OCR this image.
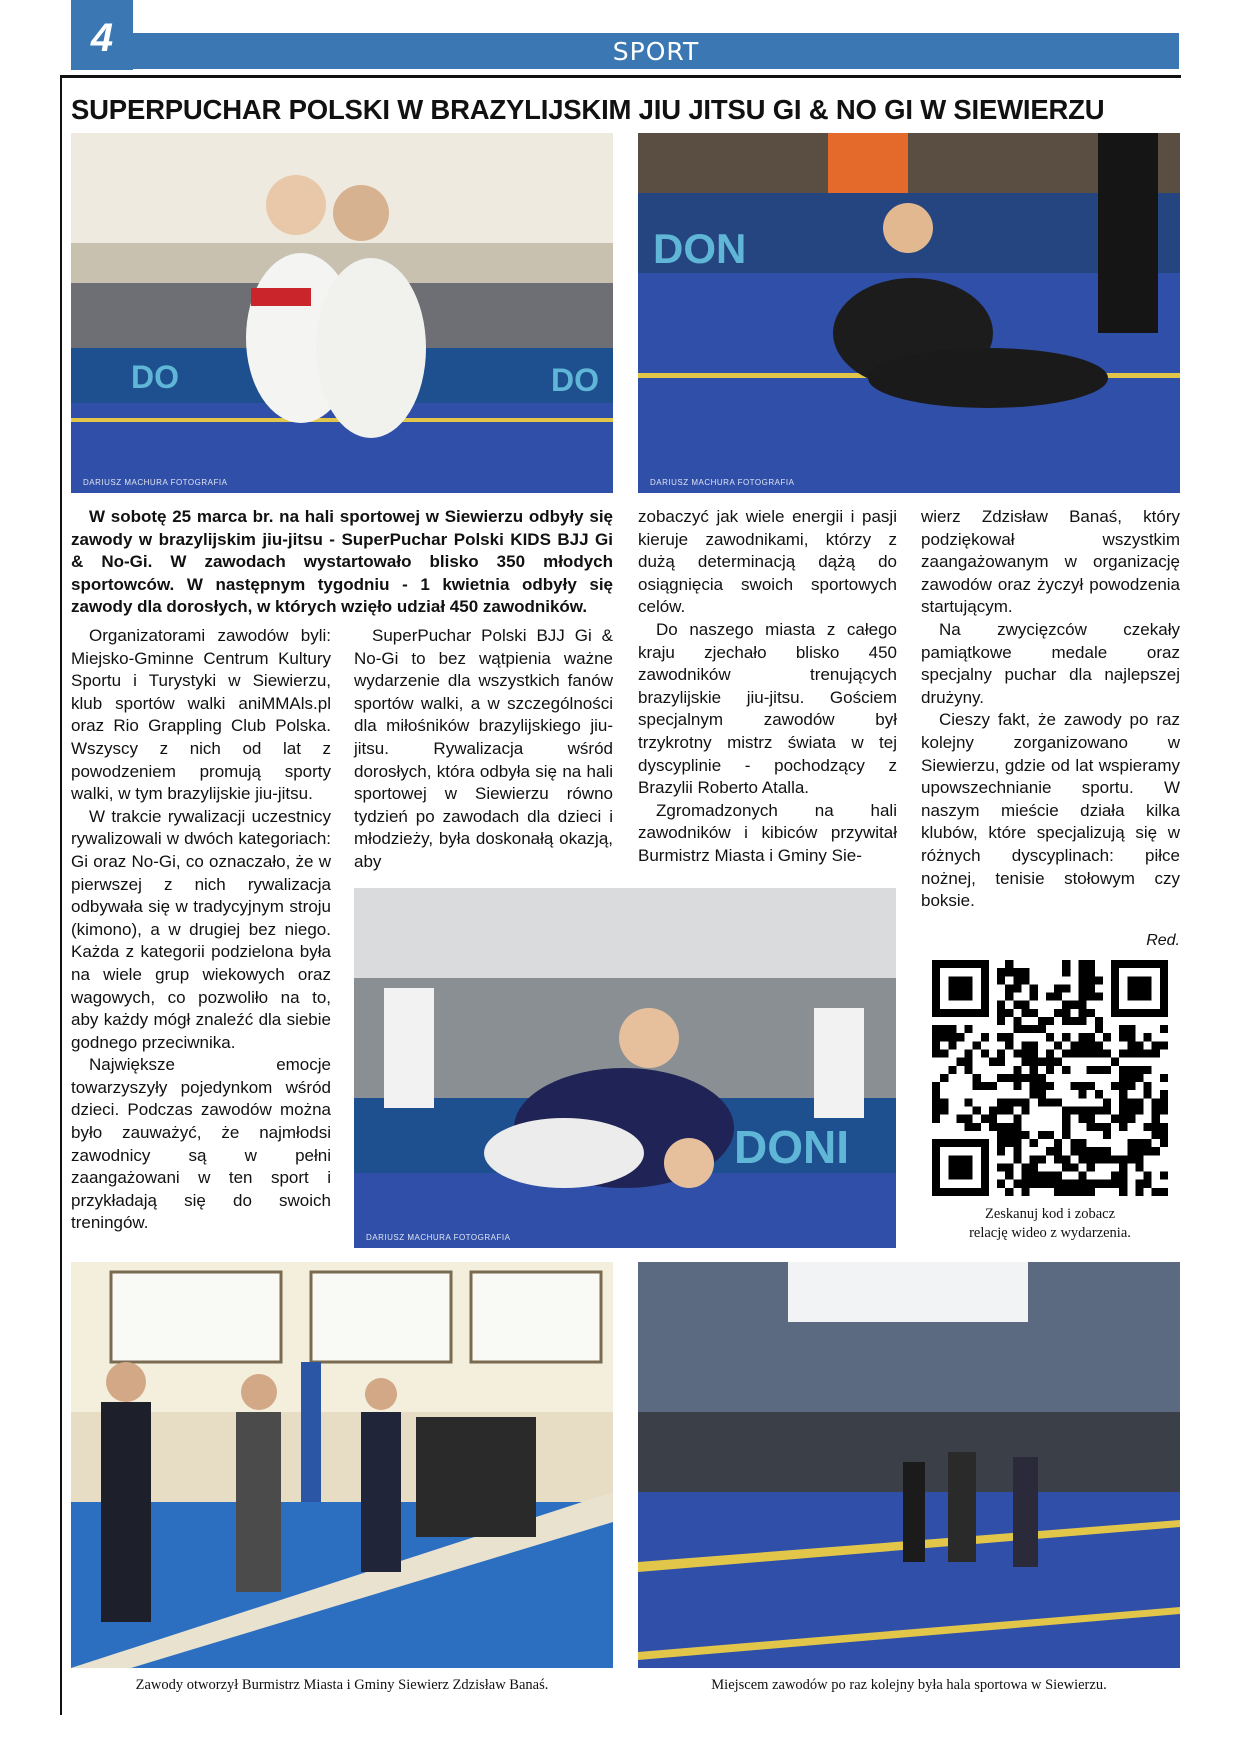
4	SPORT
SUPERPUCHAR POLSKI W BRAZYLIJSKIM JIU JITSU GI & NO GI W SIEWIERZU
DO	DO
DARIUSZ MACHURA FOTOGRAFIA
DON
DARIUSZ MACHURA FOTOGRAFIA

W sobotę 25 marca br. na hali sportowej w Siewierzu odbyły się zawody w brazylijskim jiu-jitsu - SuperPuchar Polski KIDS BJJ Gi & No-Gi. W zawodach wystartowało blisko 350 młodych sportowców. W następnym tygodniu - 1 kwietnia odbyły się zawody dla dorosłych, w których wzięło udział 450 zawodników.

Organizatorami zawodów byli: Miejsko-Gminne Centrum Kultury Sportu i Turystyki w Siewierzu, klub sportów walki aniMMAls.pl oraz Rio Grappling Club Polska. Wszyscy z nich od lat z powodzeniem promują sporty walki, w tym brazylijskie jiu-jitsu.

W trakcie rywalizacji uczestnicy rywalizowali w dwóch kategoriach: Gi oraz No-Gi, co oznaczało, że w pierwszej z nich rywalizacja odbywała się w tradycyjnym stroju (kimono), a w drugiej bez niego. Każda z kategorii podzielona była na wiele grup wiekowych oraz wagowych, co pozwoliło na to, aby każdy mógł znaleźć dla siebie godnego przeciwnika.

Największe emocje towarzyszyły pojedynkom wśród dzieci. Podczas zawodów można było zauważyć, że najmłodsi zawodnicy są w pełni zaangażowani w ten sport i przykładają się do swoich treningów.

SuperPuchar Polski BJJ Gi & No-Gi to bez wątpienia ważne wydarzenie dla wszystkich fanów sportów walki, a w szczególności dla miłośników brazylijskiego jiu-jitsu. Rywalizacja wśród dorosłych, która odbyła się na hali sportowej w Siewierzu równo tydzień po zawodach dla dzieci i młodzieży, była doskonałą okazją, aby

zobaczyć jak wiele energii i pasji kieruje zawodnikami, którzy z dużą determinacją dążą do osiągnięcia swoich sportowych celów.

Do naszego miasta z całego kraju zjechało blisko 450 zawodników trenujących brazylijskie jiu-jitsu. Gościem specjalnym zawodów był trzykrotny mistrz świata w tej dyscyplinie - pochodzący z Brazylii Roberto Atalla.

Zgromadzonych na hali zawodników i kibiców przywitał Burmistrz Miasta i Gminy Sie-

wierz Zdzisław Banaś, który podziękował wszystkim zaangażowanym w organizację zawodów oraz życzył powodzenia startującym.

Na zwycięzców czekały pamiątkowe medale oraz specjalny puchar dla najlepszej drużyny.

Cieszy fakt, że zawody po raz kolejny zorganizowano w Siewierzu, gdzie od lat wspieramy upowszechnianie sportu. W naszym mieście działa kilka klubów, które specjalizują się w różnych dyscyplinach: piłce nożnej, tenisie stołowym czy boksie.

Red.
DONI
DARIUSZ MACHURA FOTOGRAFIA
Zeskanuj kod i zobacz
relację wideo z wydarzenia.
Zawody otworzył Burmistrz Miasta i Gminy Siewierz Zdzisław Banaś.	Miejscem zawodów po raz kolejny była hala sportowa w Siewierzu.
